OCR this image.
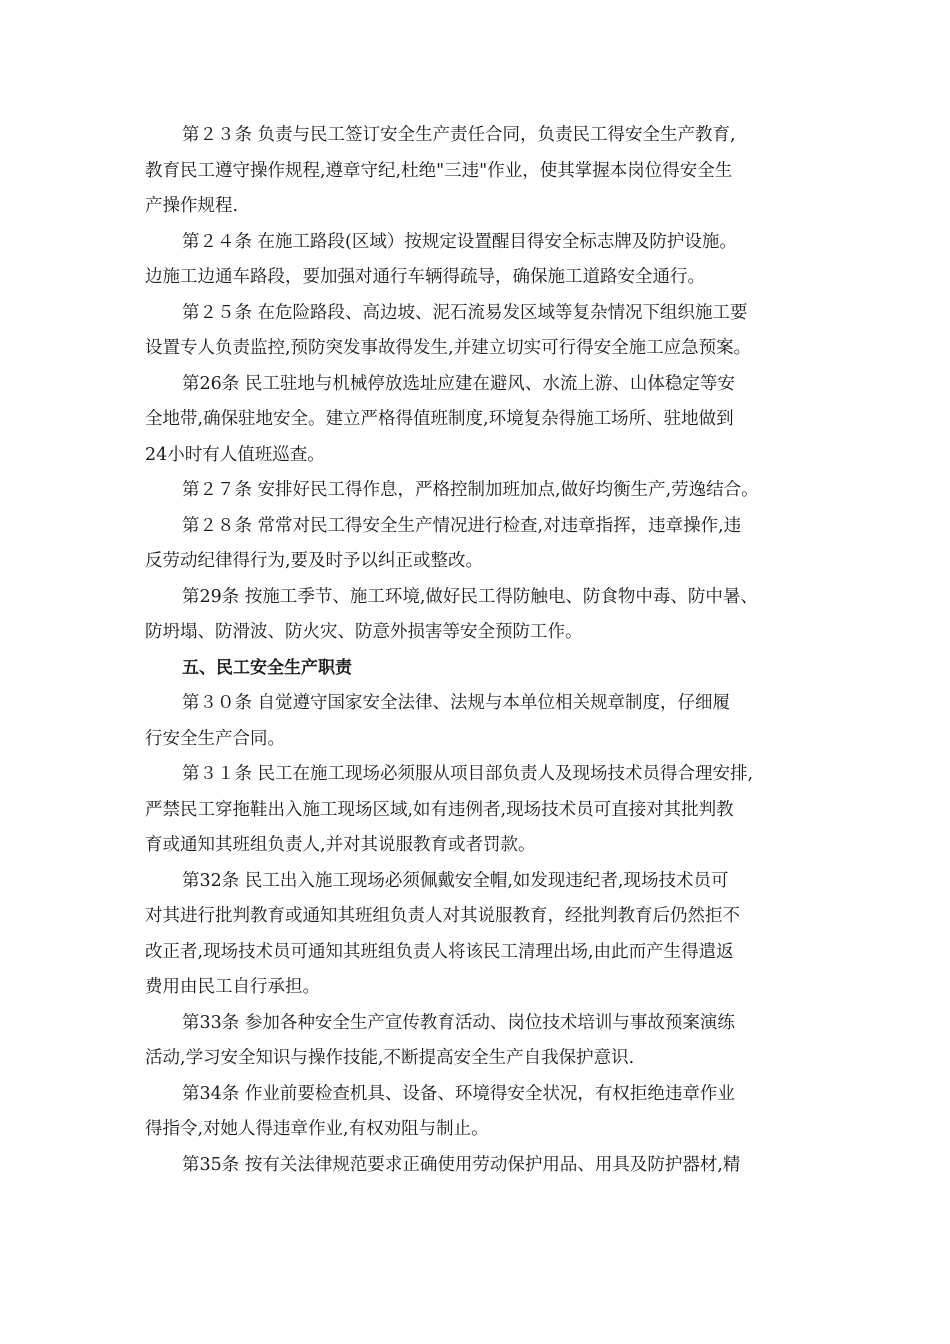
第２３条 负责与民工签订安全生产责任合同，负责民工得安全生产教育,
教育民工遵守操作规程,遵章守纪,杜绝"三违"作业，使其掌握本岗位得安全生
产操作规程.

第２４条 在施工路段(区域）按规定设置醒目得安全标志牌及防护设施。
边施工边通车路段，要加强对通行车辆得疏导，确保施工道路安全通行。

第２５条 在危险路段、高边坡、泥石流易发区域等复杂情况下组织施工要
设置专人负责监控,预防突发事故得发生,并建立切实可行得安全施工应急预案。

第26条 民工驻地与机械停放选址应建在避风、水流上游、山体稳定等安
全地带,确保驻地安全。建立严格得值班制度,环境复杂得施工场所、驻地做到
24小时有人值班巡查。

第２７条 安排好民工得作息，严格控制加班加点,做好均衡生产,劳逸结合。

第２８条 常常对民工得安全生产情况进行检查,对违章指挥，违章操作,违
反劳动纪律得行为,要及时予以纠正或整改。

第29条 按施工季节、施工环境,做好民工得防触电、防食物中毒、防中暑、
防坍塌、防滑波、防火灾、防意外损害等安全预防工作。

五、民工安全生产职责

第３０条 自觉遵守国家安全法律、法规与本单位相关规章制度，仔细履
行安全生产合同。

第３１条 民工在施工现场必须服从项目部负责人及现场技术员得合理安排,
严禁民工穿拖鞋出入施工现场区域,如有违例者,现场技术员可直接对其批判教
育或通知其班组负责人,并对其说服教育或者罚款。

第32条 民工出入施工现场必须佩戴安全帽,如发现违纪者,现场技术员可
对其进行批判教育或通知其班组负责人对其说服教育，经批判教育后仍然拒不
改正者,现场技术员可通知其班组负责人将该民工清理出场,由此而产生得遣返
费用由民工自行承担。

第33条 参加各种安全生产宣传教育活动、岗位技术培训与事故预案演练
活动,学习安全知识与操作技能,不断提高安全生产自我保护意识.

第34条 作业前要检查机具、设备、环境得安全状况，有权拒绝违章作业
得指令,对她人得违章作业,有权劝阻与制止。

第35条 按有关法律规范要求正确使用劳动保护用品、用具及防护器材,精
